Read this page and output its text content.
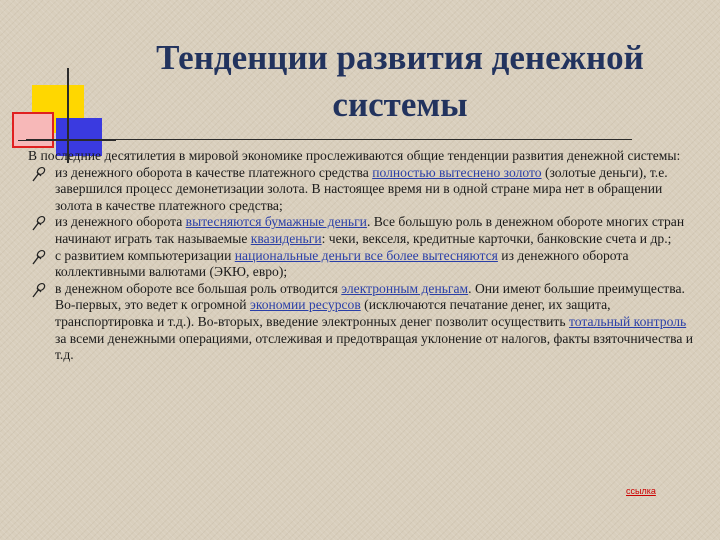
Тенденции развития денежной
системы

В последние десятилетия в мировой экономике прослеживаются общие тенденции развития денежной системы:

из денежного оборота в качестве платежного средства полностью вытеснено золото (золотые деньги), т.е. завершился процесс демонетизации золота. В настоящее время ни в одной стране мира нет в обращении золота в качестве платежного средства;

из денежного оборота вытесняются бумажные деньги. Все большую роль в денежном обороте многих стран начинают играть так называемые квазиденьги: чеки, векселя, кредитные карточки, банковские счета и др.;

с развитием компьютеризации национальные деньги все более вытесняются из денежного оборота коллективными валютами (ЭКЮ, евро);

в денежном обороте все большая роль отводится электронным деньгам. Они имеют большие преимущества. Во-первых, это ведет к огромной экономии ресурсов (исключаются печатание денег, их защита, транспортировка и т.д.). Во-вторых, введение электронных денег позволит осуществить тотальный контроль за всеми денежными операциями, отслеживая и предотвращая уклонение от налогов, факты взяточничества и т.д.

ссылка
